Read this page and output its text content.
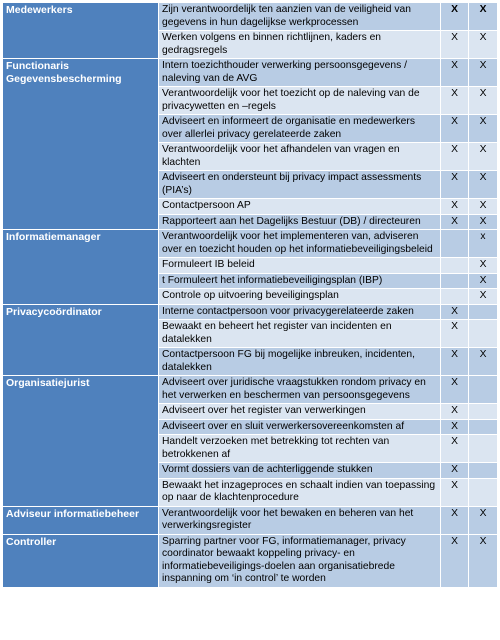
Medewerkers	Zijn verantwoordelijk ten aanzien van de veiligheid van gegevens in hun dagelijkse werkprocessen	X	X
	Werken volgens en binnen richtlijnen, kaders en gedragsregels	X	X
Functionaris Gegevensbescherming	Intern toezichthouder verwerking persoonsgegevens / naleving van de AVG	X	X
	Verantwoordelijk voor het toezicht op de naleving van de privacywetten en –regels	X	X
	Adviseert en informeert de organisatie en medewerkers over allerlei privacy gerelateerde zaken	X	X
	Verantwoordelijk voor het afhandelen van vragen en klachten	X	X
	Adviseert en ondersteunt bij privacy impact assessments (PIA’s)	X	X
	Contactpersoon AP	X	X
	Rapporteert aan het Dagelijks Bestuur (DB) / directeuren	X	X
Informatiemanager	Verantwoordelijk voor het implementeren van, adviseren over en toezicht houden op het informatiebeveiligingsbeleid		x
	Formuleert IB beleid		X
	t Formuleert het informatiebeveiligingsplan (IBP)		X
	Controle op uitvoering beveiligingsplan		X
Privacycoördinator	Interne contactpersoon voor privacygerelateerde zaken	X	
	Bewaakt en beheert het register van incidenten en datalekken	X	
	Contactpersoon FG bij mogelijke inbreuken, incidenten, datalekken	X	X
Organisatiejurist	Adviseert over juridische vraagstukken rondom privacy en het verwerken en beschermen van persoonsgegevens	X	
	Adviseert over het register van verwerkingen	X	
	Adviseert over en sluit verwerkersovereenkomsten af	X	
	Handelt verzoeken met betrekking tot rechten van betrokkenen af	X	
	Vormt dossiers van de achterliggende stukken	X	
	Bewaakt het inzageproces en schaalt indien van toepassing op naar de klachtenprocedure	X	
Adviseur informatiebeheer	Verantwoordelijk voor het bewaken en beheren van het verwerkingsregister	X	X
Controller	Sparring partner voor FG, informatiemanager, privacy coordinator bewaakt koppeling privacy- en informatiebeveiligings-doelen aan organisatiebrede inspanning om ‘in control’ te worden	X	X
